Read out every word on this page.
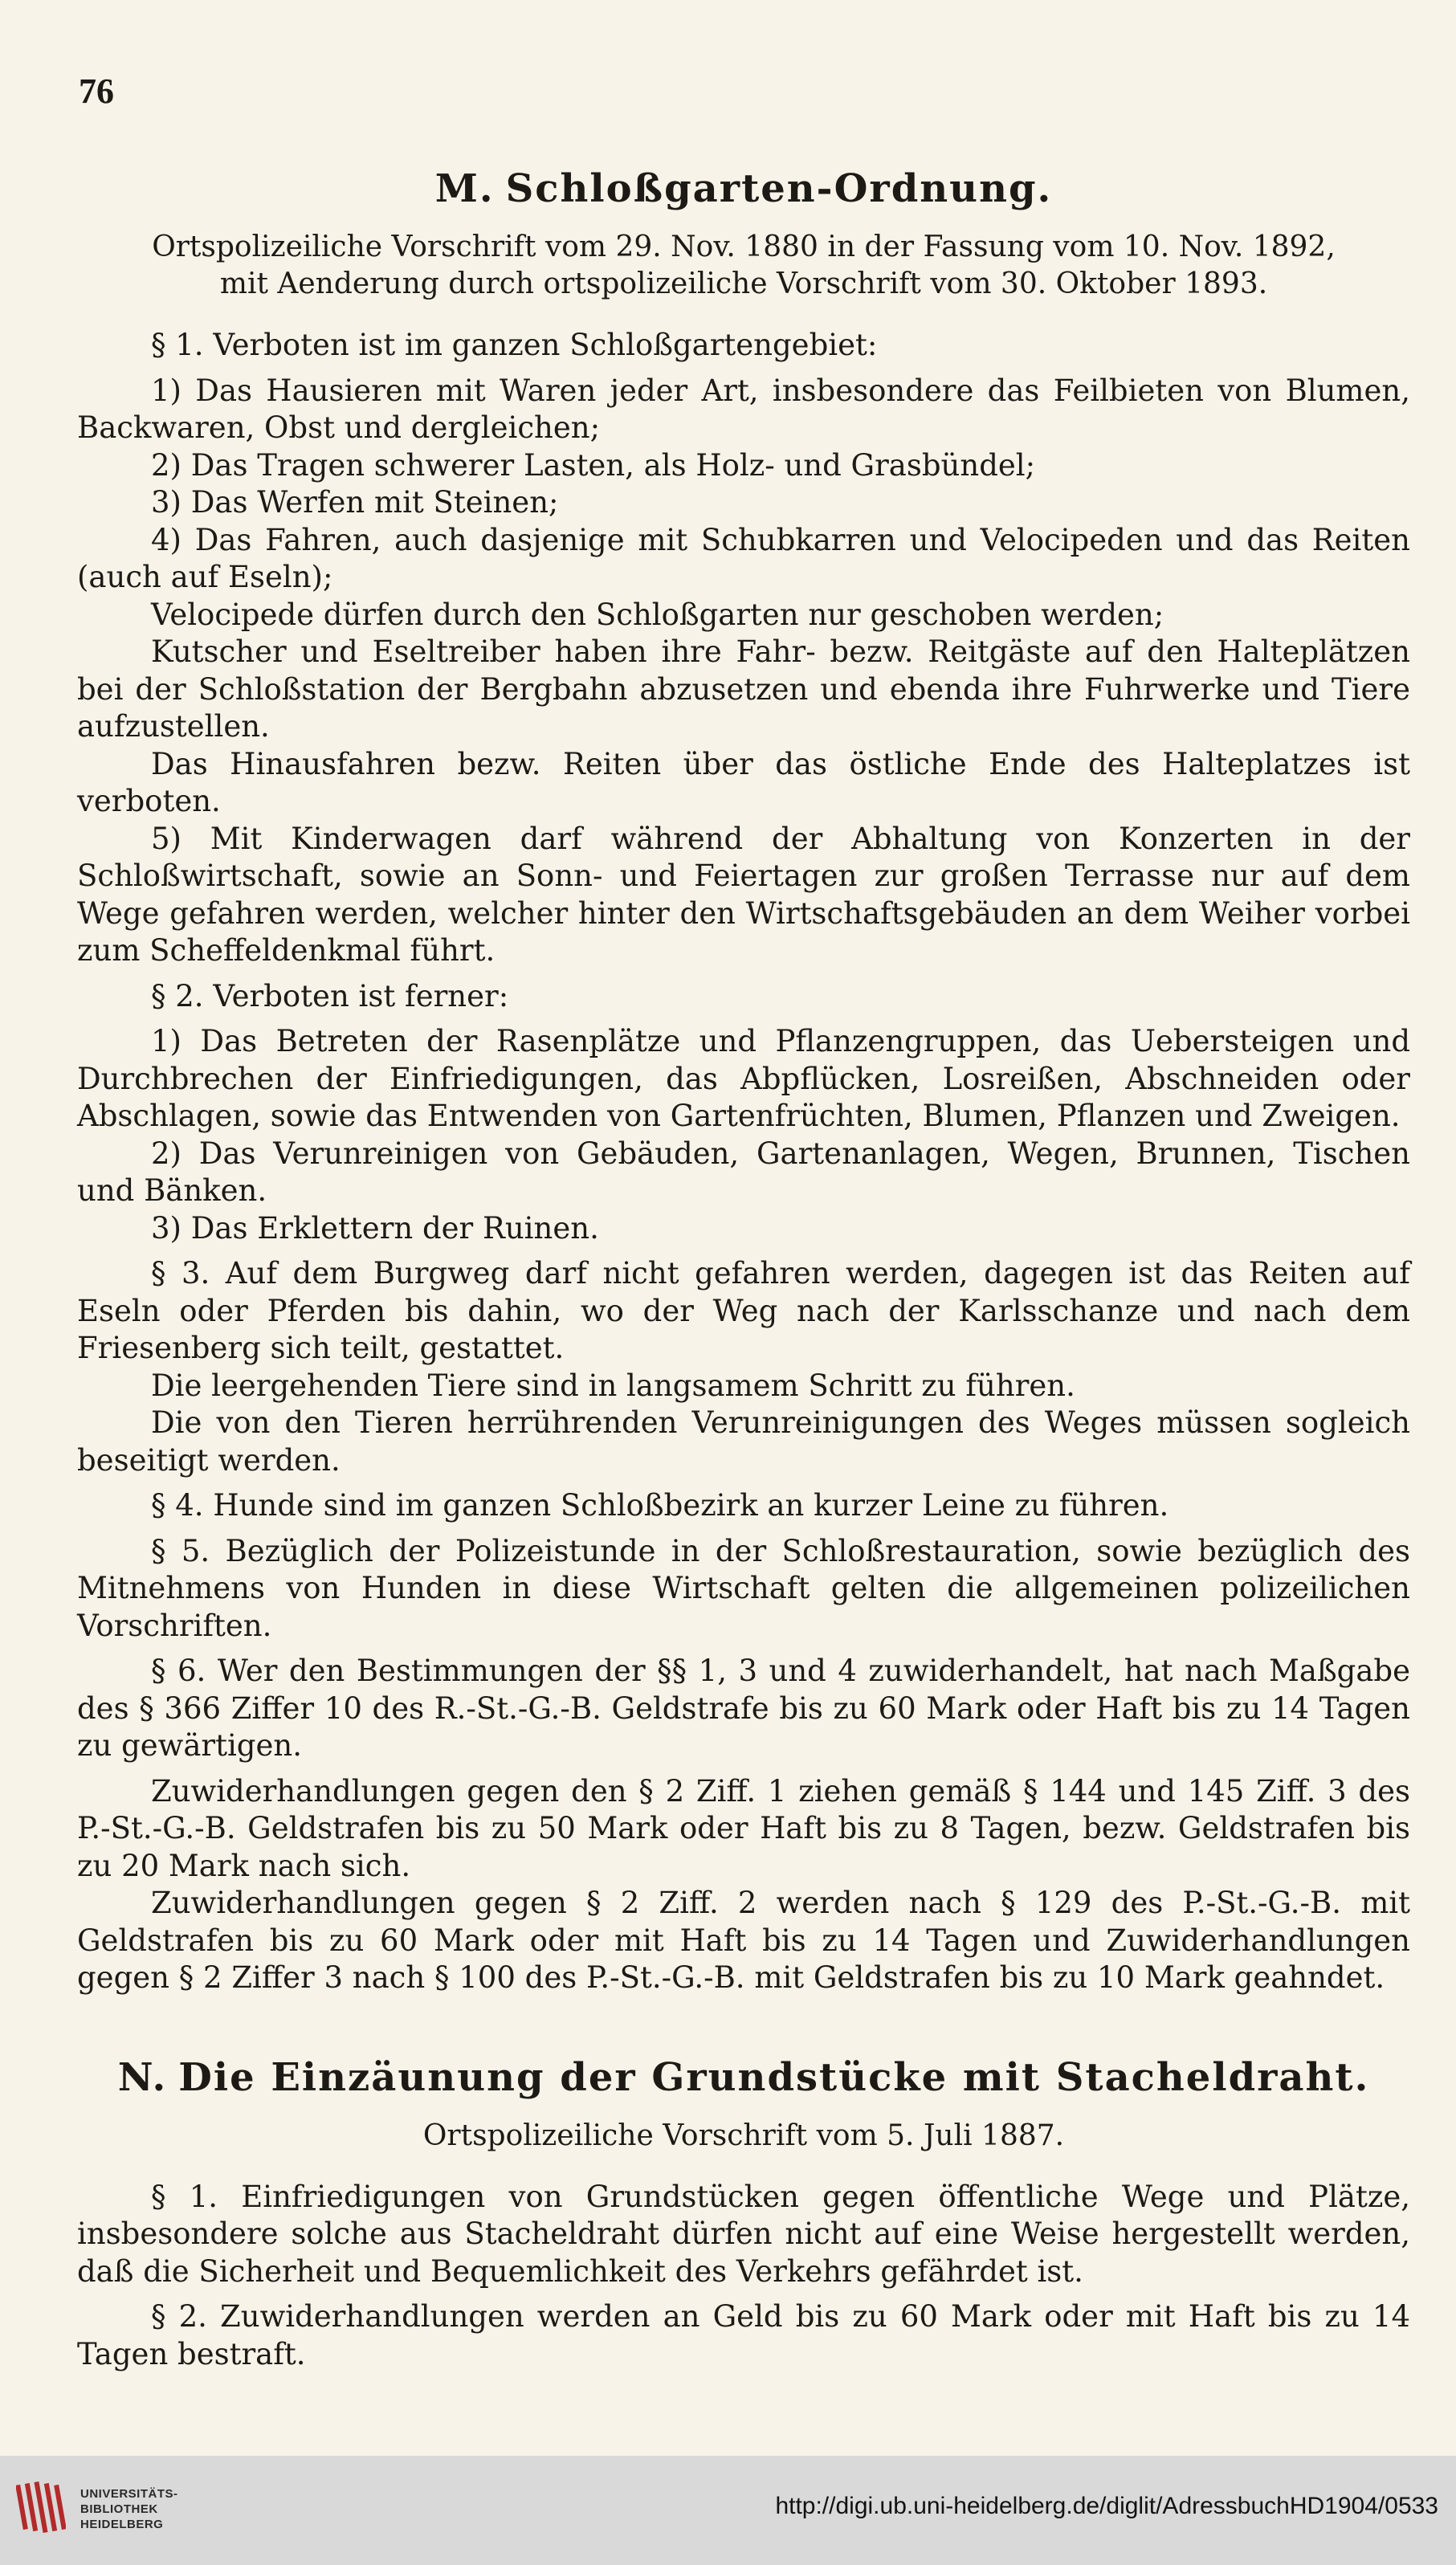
76
M. Schloßgarten-Ordnung.
Ortspolizeiliche Vorschrift vom 29. Nov. 1880 in der Fassung vom 10. Nov. 1892,
mit Aenderung durch ortspolizeiliche Vorschrift vom 30. Oktober 1893.

§ 1. Verboten ist im ganzen Schloßgartengebiet:

1) Das Hausieren mit Waren jeder Art, insbesondere das Feilbieten von Blumen, Backwaren, Obst und dergleichen;

2) Das Tragen schwerer Lasten, als Holz- und Grasbündel;

3) Das Werfen mit Steinen;

4) Das Fahren, auch dasjenige mit Schubkarren und Velocipeden und das Reiten (auch auf Eseln);

Velocipede dürfen durch den Schloßgarten nur geschoben werden;

Kutscher und Eseltreiber haben ihre Fahr- bezw. Reitgäste auf den Halteplätzen bei der Schloßstation der Bergbahn abzusetzen und ebenda ihre Fuhrwerke und Tiere aufzustellen.

Das Hinausfahren bezw. Reiten über das östliche Ende des Halteplatzes ist verboten.

5) Mit Kinderwagen darf während der Abhaltung von Konzerten in der Schloßwirtschaft, sowie an Sonn- und Feiertagen zur großen Terrasse nur auf dem Wege gefahren werden, welcher hinter den Wirtschaftsgebäuden an dem Weiher vorbei zum Scheffeldenkmal führt.

§ 2. Verboten ist ferner:

1) Das Betreten der Rasenplätze und Pflanzengruppen, das Uebersteigen und Durchbrechen der Einfriedigungen, das Abpflücken, Losreißen, Abschneiden oder Abschlagen, sowie das Entwenden von Gartenfrüchten, Blumen, Pflanzen und Zweigen.

2) Das Verunreinigen von Gebäuden, Gartenanlagen, Wegen, Brunnen, Tischen und Bänken.

3) Das Erklettern der Ruinen.

§ 3. Auf dem Burgweg darf nicht gefahren werden, dagegen ist das Reiten auf Eseln oder Pferden bis dahin, wo der Weg nach der Karlsschanze und nach dem Friesenberg sich teilt, gestattet.

Die leergehenden Tiere sind in langsamem Schritt zu führen.

Die von den Tieren herrührenden Verunreinigungen des Weges müssen sogleich beseitigt werden.

§ 4. Hunde sind im ganzen Schloßbezirk an kurzer Leine zu führen.

§ 5. Bezüglich der Polizeistunde in der Schloßrestauration, sowie bezüglich des Mitnehmens von Hunden in diese Wirtschaft gelten die allgemeinen polizeilichen Vorschriften.

§ 6. Wer den Bestimmungen der §§ 1, 3 und 4 zuwiderhandelt, hat nach Maßgabe des § 366 Ziffer 10 des R.-St.-G.-B. Geldstrafe bis zu 60 Mark oder Haft bis zu 14 Tagen zu gewärtigen.

Zuwiderhandlungen gegen den § 2 Ziff. 1 ziehen gemäß § 144 und 145 Ziff. 3 des P.-St.-G.-B. Geldstrafen bis zu 50 Mark oder Haft bis zu 8 Tagen, bezw. Geldstrafen bis zu 20 Mark nach sich.

Zuwiderhandlungen gegen § 2 Ziff. 2 werden nach § 129 des P.-St.-G.-B. mit Geldstrafen bis zu 60 Mark oder mit Haft bis zu 14 Tagen und Zuwiderhandlungen gegen § 2 Ziffer 3 nach § 100 des P.-St.-G.-B. mit Geldstrafen bis zu 10 Mark geahndet.

N. Die Einzäunung der Grundstücke mit Stacheldraht.
Ortspolizeiliche Vorschrift vom 5. Juli 1887.

§ 1. Einfriedigungen von Grundstücken gegen öffentliche Wege und Plätze, insbesondere solche aus Stacheldraht dürfen nicht auf eine Weise hergestellt werden, daß die Sicherheit und Bequemlichkeit des Verkehrs gefährdet ist.

§ 2. Zuwiderhandlungen werden an Geld bis zu 60 Mark oder mit Haft bis zu 14 Tagen bestraft.

UNIVERSITÄTS-
BIBLIOTHEK
HEIDELBERG
http://digi.ub.uni-heidelberg.de/diglit/AdressbuchHD1904/0533
